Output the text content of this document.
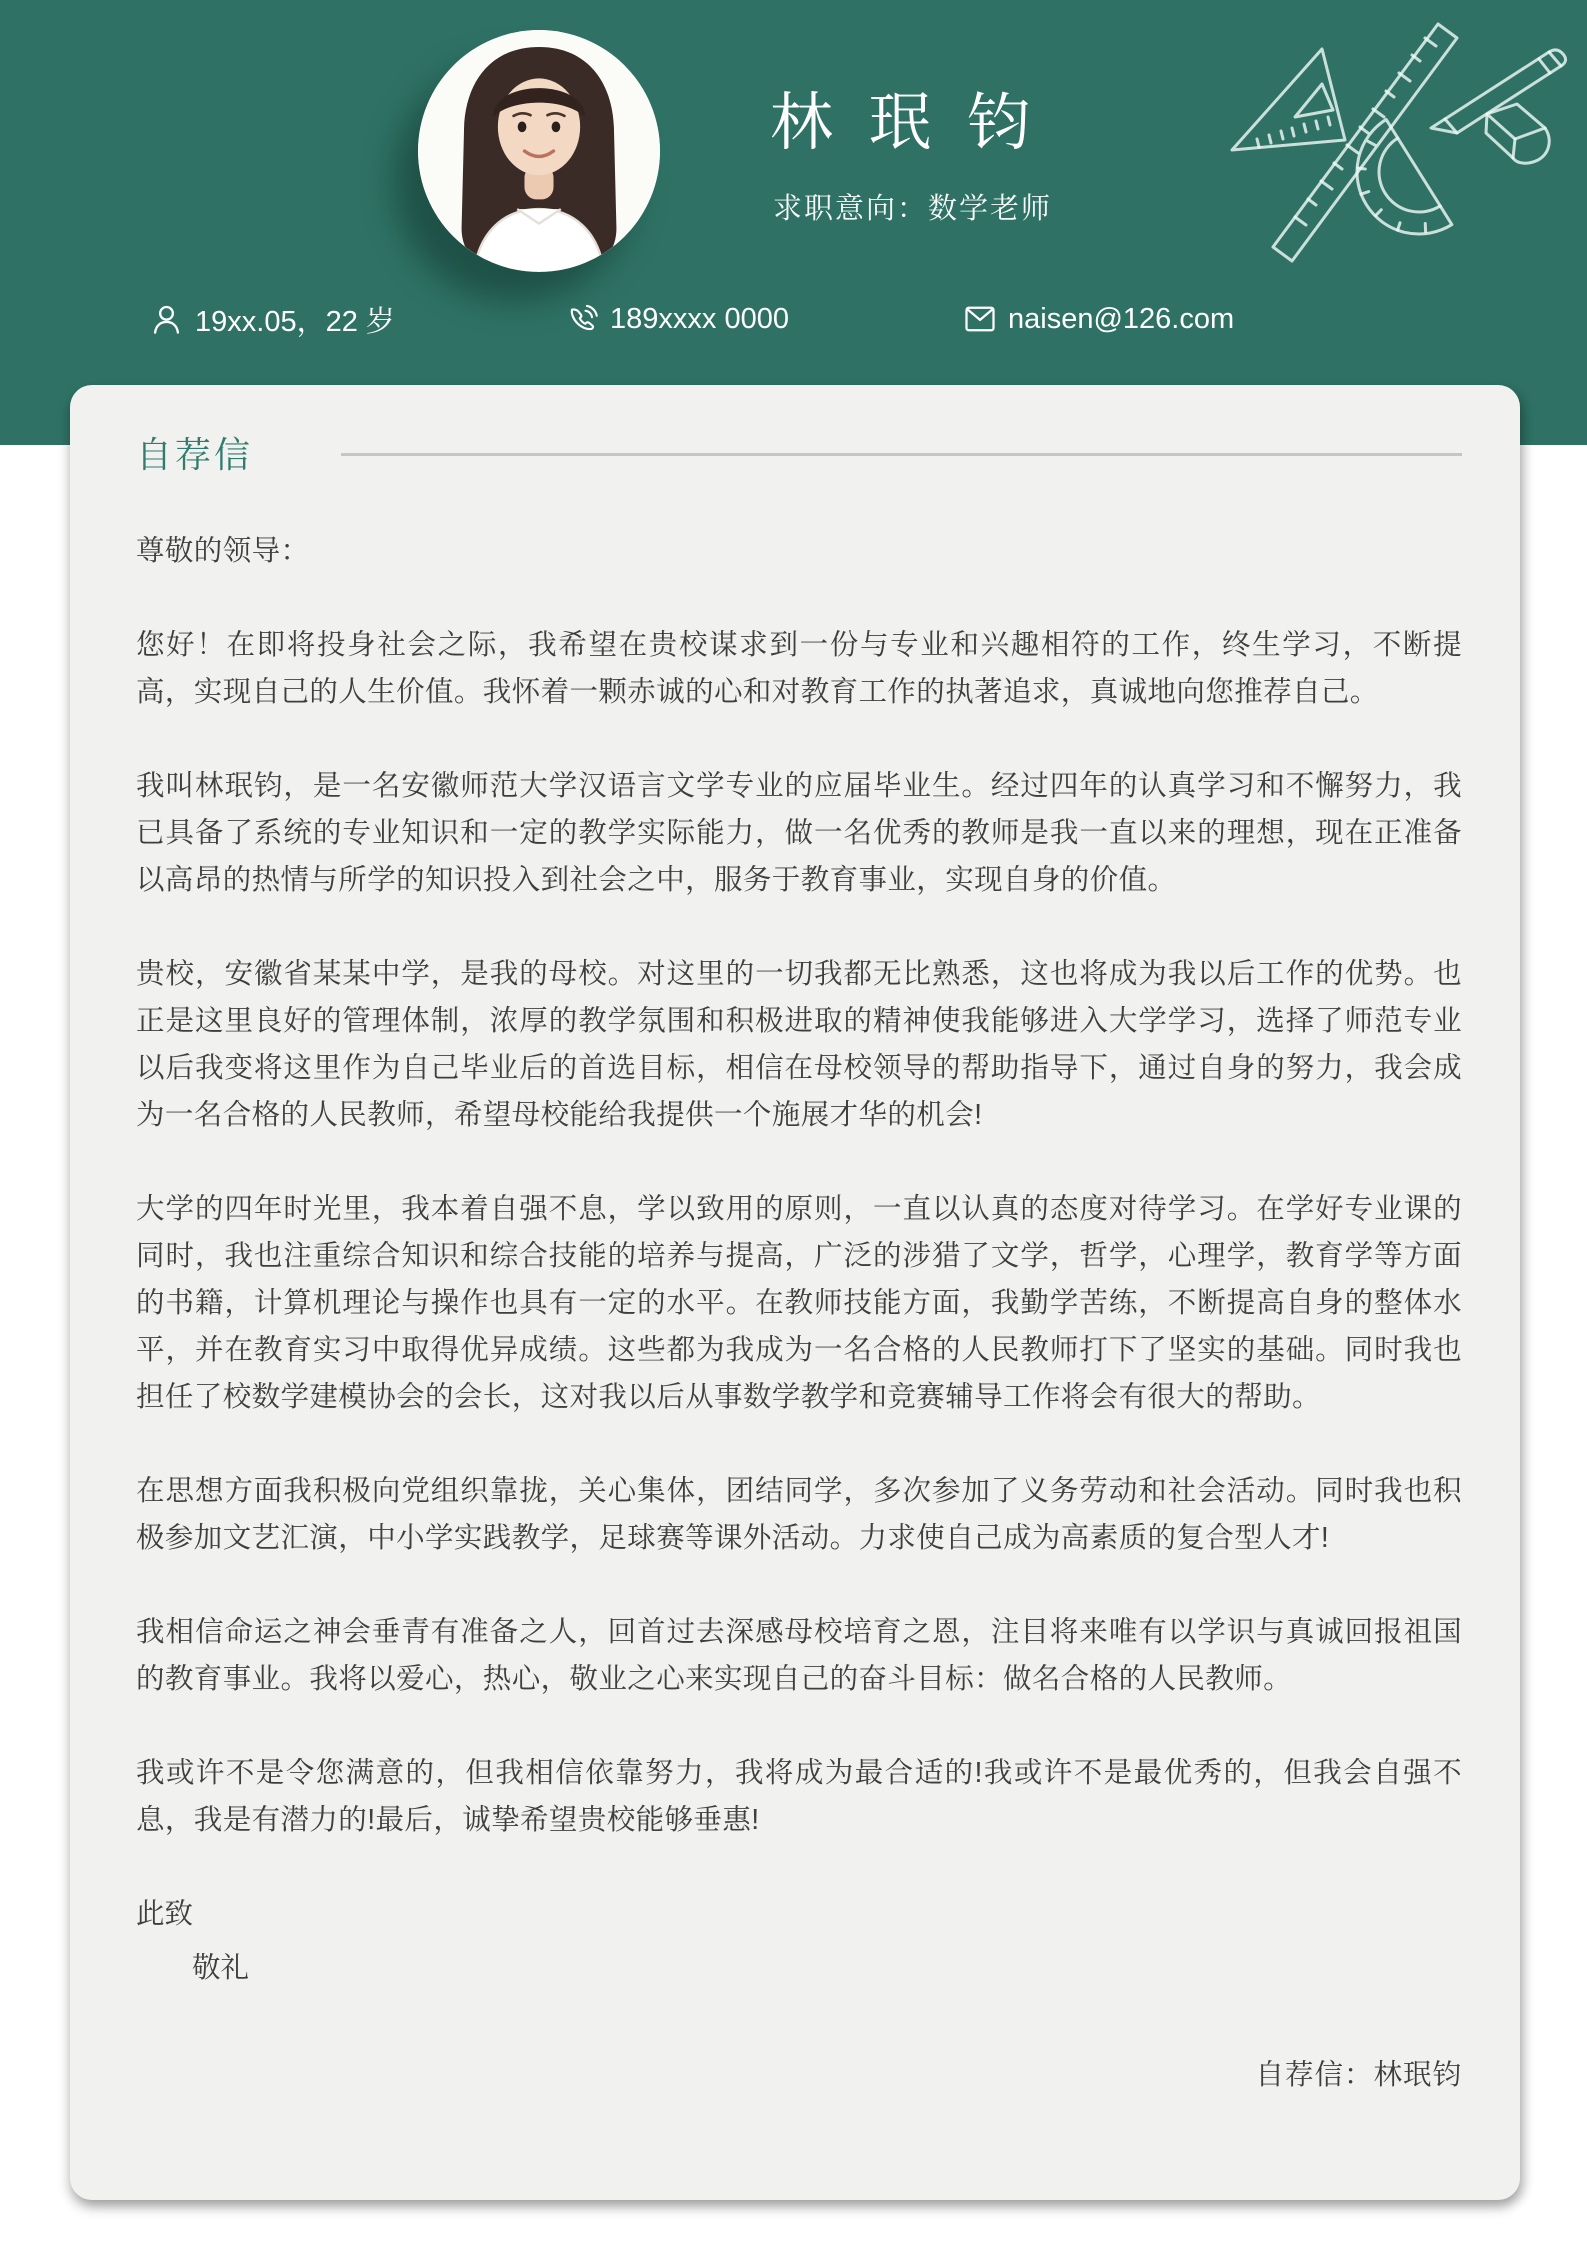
林 珉 钧
求职意向：数学老师
19xx.05，22 岁	189xxxx 0000	naisen@126.com
自荐信

尊敬的领导：

您好！在即将投身社会之际，我希望在贵校谋求到一份与专业和兴趣相符的工作，终生学习，不断提高，实现自己的人生价值。我怀着一颗赤诚的心和对教育工作的执著追求，真诚地向您推荐自己。

我叫林珉钧，是一名安徽师范大学汉语言文学专业的应届毕业生。经过四年的认真学习和不懈努力，我已具备了系统的专业知识和一定的教学实际能力，做一名优秀的教师是我一直以来的理想，现在正准备以高昂的热情与所学的知识投入到社会之中，服务于教育事业，实现自身的价值。

贵校，安徽省某某中学，是我的母校。对这里的一切我都无比熟悉，这也将成为我以后工作的优势。也正是这里良好的管理体制，浓厚的教学氛围和积极进取的精神使我能够进入大学学习，选择了师范专业以后我变将这里作为自己毕业后的首选目标，相信在母校领导的帮助指导下，通过自身的努力，我会成为一名合格的人民教师，希望母校能给我提供一个施展才华的机会!

大学的四年时光里，我本着自强不息，学以致用的原则，一直以认真的态度对待学习。在学好专业课的同时，我也注重综合知识和综合技能的培养与提高，广泛的涉猎了文学，哲学，心理学，教育学等方面的书籍，计算机理论与操作也具有一定的水平。在教师技能方面，我勤学苦练，不断提高自身的整体水平，并在教育实习中取得优异成绩。这些都为我成为一名合格的人民教师打下了坚实的基础。同时我也担任了校数学建模协会的会长，这对我以后从事数学教学和竞赛辅导工作将会有很大的帮助。

在思想方面我积极向党组织靠拢，关心集体，团结同学，多次参加了义务劳动和社会活动。同时我也积极参加文艺汇演，中小学实践教学，足球赛等课外活动。力求使自己成为高素质的复合型人才!

我相信命运之神会垂青有准备之人，回首过去深感母校培育之恩，注目将来唯有以学识与真诚回报祖国的教育事业。我将以爱心，热心，敬业之心来实现自己的奋斗目标：做名合格的人民教师。

我或许不是令您满意的，但我相信依靠努力，我将成为最合适的!我或许不是最优秀的，但我会自强不息，我是有潜力的!最后，诚挚希望贵校能够垂惠!

此致
敬礼
自荐信：林珉钧
